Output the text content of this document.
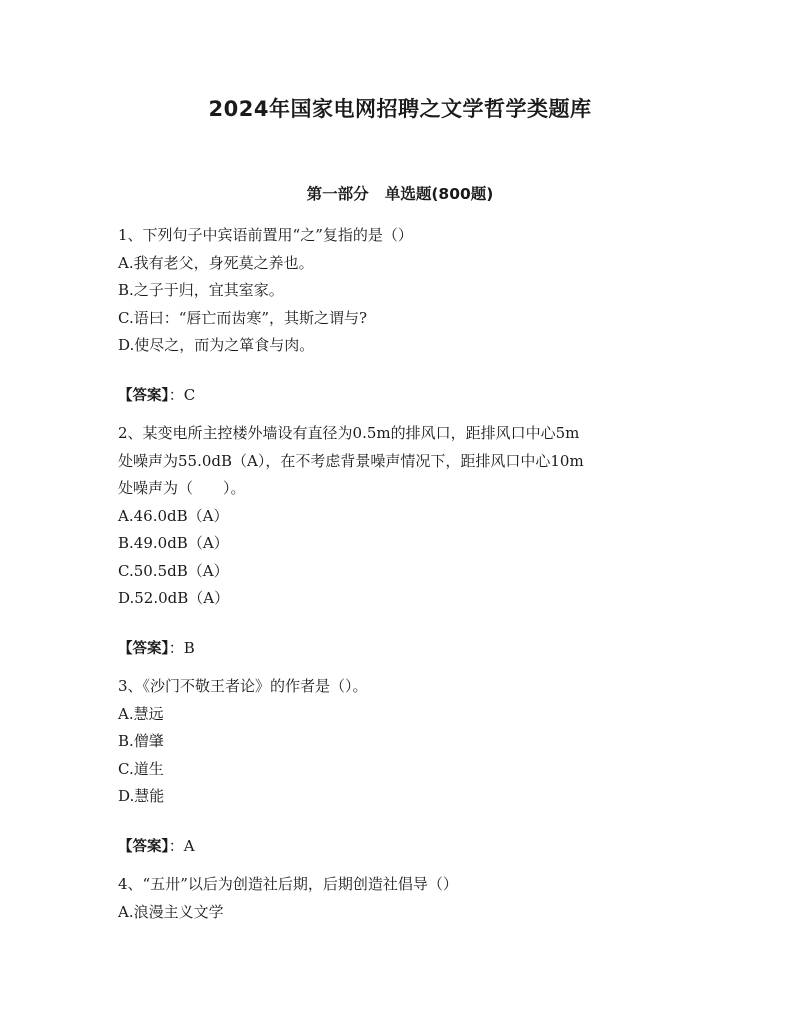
2024年国家电网招聘之文学哲学类题库
第一部分   单选题(800题)

1、下列句子中宾语前置用“之”复指的是（）

A.我有老父，身死莫之养也。

B.之子于归，宜其室家。

C.语曰：“唇亡而齿寒”，其斯之谓与?

D.使尽之，而为之箪食与肉。

【答案】：C

2、某变电所主控楼外墙设有直径为0.5m的排风口，距排风口中心5m

处噪声为55.0dB（A），在不考虑背景噪声情况下，距排风口中心10m

处噪声为（　　）。

A.46.0dB（A）

B.49.0dB（A）

C.50.5dB（A）

D.52.0dB（A）

【答案】：B

3、《沙门不敬王者论》的作者是（）。

A.慧远

B.僧肇

C.道生

D.慧能

【答案】：A

4、“五卅”以后为创造社后期，后期创造社倡导（）

A.浪漫主义文学
